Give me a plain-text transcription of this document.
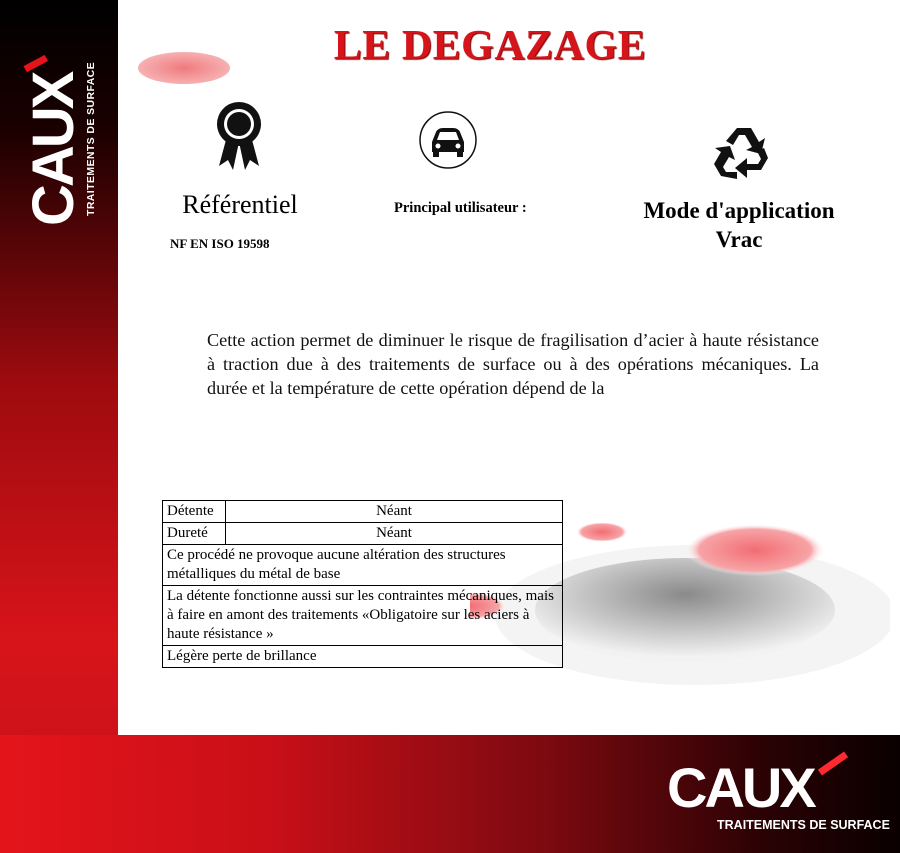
CAUX TRAITEMENTS DE SURFACE
CAUX
TRAITEMENTS DE SURFACE
LE DEGAZAGE
Référentiel
NF EN ISO 19598
Principal utilisateur :	Mode d'application
Vrac

Cette action permet de diminuer le risque de fragilisation d’acier à haute résistance à traction due à des traitements de surface ou à des opérations mécaniques. La durée et la température de cette opération dépend de la

Détente	Néant
Dureté	Néant
Ce procédé ne provoque aucune altération des structures métalliques du métal de base	
La détente fonctionne aussi sur les contraintes mécaniques, mais à faire en amont des traitements «Obligatoire sur les aciers à haute résistance »	
Légère perte de brillance	
